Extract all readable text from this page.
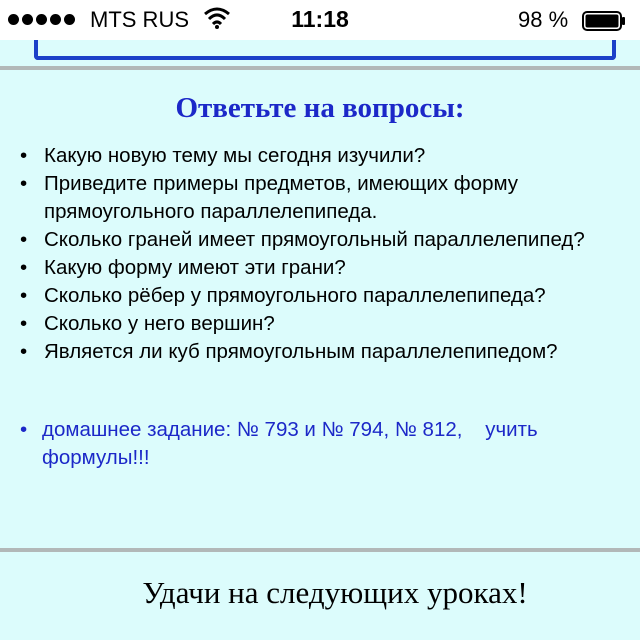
MTS RUS	11:18	98 %
Ответьте на вопросы:
• Какую новую тему мы сегодня изучили?
• Приведите примеры предметов, имеющих форму прямоугольного параллелепипеда.
• Сколько граней имеет прямоугольный параллелепипед?
• Какую форму имеют эти грани?
• Сколько рёбер у прямоугольного параллелепипеда?
• Сколько у него вершин?
• Является ли куб прямоугольным параллелепипедом?
• домашнее задание: № 793 и № 794, № 812,    учить формулы!!!
Удачи на следующих уроках!
